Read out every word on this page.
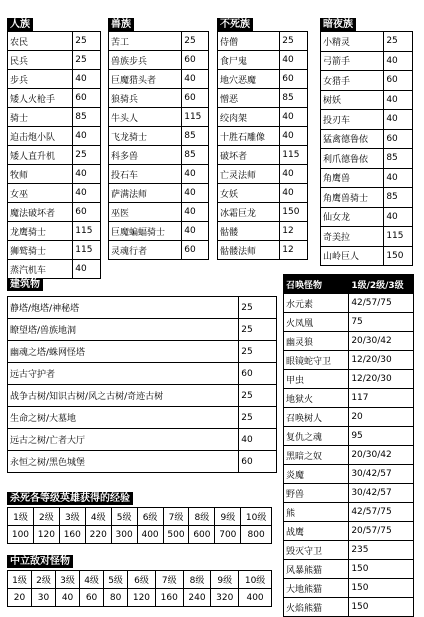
人族
农民	25
民兵	25
步兵	40
矮人火枪手	60
骑士	85
迫击炮小队	40
矮人直升机	25
牧师	40
女巫	40
魔法破坏者	60
龙鹰骑士	115
狮鹫骑士	115
蒸汽机车	40
兽族
苦工	25
兽族步兵	60
巨魔猎头者	40
狼骑兵	60
牛头人	115
飞龙骑士	85
科多兽	85
投石车	40
萨满法师	40
巫医	40
巨魔蝙蝠骑士	40
灵魂行者	60
不死族
侍僧	25
食尸鬼	40
地穴恶魔	60
憎恶	85
绞肉架	40
十胜石雕像	40
破坏者	115
亡灵法师	40
女妖	40
冰霜巨龙	150
骷髅	12
骷髅法师	12
暗夜族
小精灵	25
弓箭手	40
女猎手	60
树妖	40
投刃车	40
猛禽德鲁依	60
利爪德鲁依	85
角鹰兽	40
角鹰兽骑士	85
仙女龙	40
奇美拉	115
山岭巨人	150
建筑物
静塔/炮塔/神秘塔	25
瞭望塔/兽族地洞	25
幽魂之塔/蛛网怪塔	25
远古守护者	60
战争古树/知识古树/风之古树/奇迹古树	25
生命之树/大墓地	25
远古之树/亡者大厅	40
永恒之树/黑色城堡	60
杀死各等级英雄获得的经验
1级	2级	3级	4级	5级	6级	7级	8级	9级	10级
100	120	160	220	300	400	500	600	700	800
中立敌对怪物
1级	2级	3级	4级	5级	6级	7级	8级	9级	10级
20	30	40	60	80	120	160	240	320	400
召唤怪物	1级/2级/3级
水元素	42/57/75
火凤凰	75
幽灵狼	20/30/42
眼镜蛇守卫	12/20/30
甲虫	12/20/30
地狱火	117
召唤树人	20
复仇之魂	95
黑暗之奴	20/30/42
炎魔	30/42/57
野兽	30/42/57
熊	42/57/75
战鹰	20/57/75
毁灭守卫	235
风暴熊猫	150
大地熊猫	150
火焰熊猫	150
